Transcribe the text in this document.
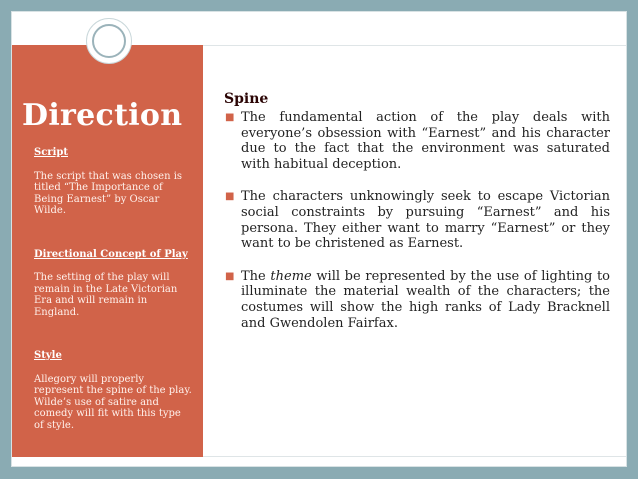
Direction

Script

The script that was chosen is titled “The Importance of Being Earnest” by Oscar Wilde.

Directional Concept of Play

The setting of the play will remain in the Late Victorian Era and will remain in England.

Style

Allegory will properly represent the spine of the play. Wilde’s use of satire and comedy will fit with this type of style.

Spine

■ The fundamental action of the play deals with everyone’s obsession with “Earnest” and his character due to the fact that the environment was saturated with habitual deception.
■ The characters unknowingly seek to escape Victorian social constraints by pursuing “Earnest” and his persona. They either want to marry “Earnest” or they want to be christened as Earnest.
■ The theme will be represented by the use of lighting to illuminate the material wealth of the characters; the costumes will show the high ranks of Lady Bracknell and Gwendolen Fairfax.
